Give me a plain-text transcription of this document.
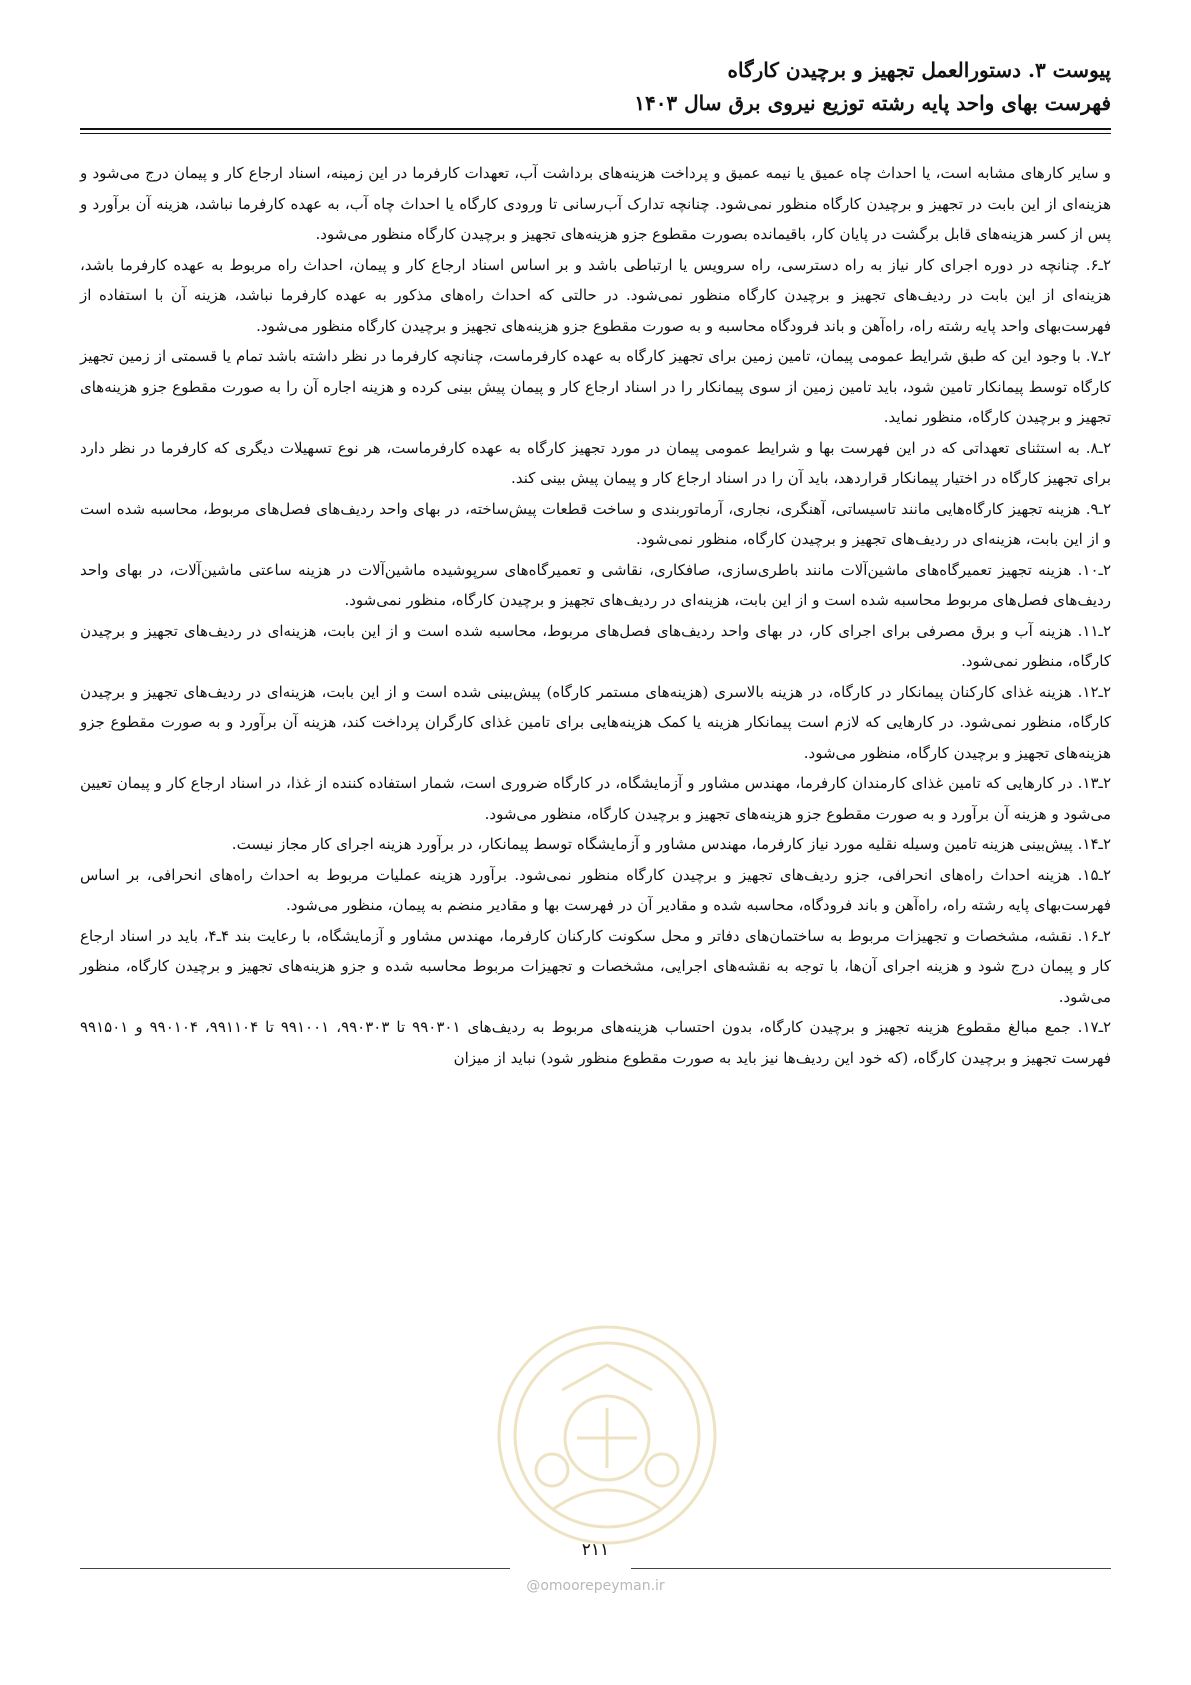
پیوست ۳. دستورالعمل تجهیز و برچیدن کارگاه
فهرست بهای واحد پایه رشته توزیع نیروی برق سال ۱۴۰۳

و سایر کارهای مشابه است، یا احداث چاه عمیق یا نیمه عمیق و پرداخت هزینه‌های برداشت آب، تعهدات کارفرما در این زمینه، اسناد ارجاع کار و پیمان درج می‌شود و هزینه‌ای از این بابت در تجهیز و برچیدن کارگاه منظور نمی‌شود. چنانچه تدارک آب‌رسانی تا ورودی کارگاه یا احداث چاه آب، به عهده کارفرما نباشد، هزینه آن برآورد و پس از کسر هزینه‌های قابل برگشت در پایان کار، باقیمانده بصورت مقطوع جزو هزینه‌های تجهیز و برچیدن کارگاه منظور می‌شود.

۲ـ۶. چنانچه در دوره اجرای کار نیاز به راه دسترسی، راه سرویس یا ارتباطی باشد و بر اساس اسناد ارجاع کار و پیمان، احداث راه مربوط به عهده کارفرما باشد، هزینه‌ای از این بابت در ردیف‌های تجهیز و برچیدن کارگاه منظور نمی‌شود. در حالتی که احداث راه‌های مذکور به عهده کارفرما نباشد، هزینه آن با استفاده از فهرست‌بهای واحد پایه رشته راه، راه‌آهن و باند فرودگاه محاسبه و به صورت مقطوع جزو هزینه‌های تجهیز و برچیدن کارگاه منظور می‌شود.

۲ـ۷. با وجود این که طبق شرایط عمومی پیمان، تامین زمین برای تجهیز کارگاه به عهده کارفرماست، چنانچه کارفرما در نظر داشته باشد تمام یا قسمتی از زمین تجهیز کارگاه توسط پیمانکار تامین شود، باید تامین زمین از سوی پیمانکار را در اسناد ارجاع کار و پیمان پیش بینی کرده و هزینه اجاره آن را به صورت مقطوع جزو هزینه‌های تجهیز و برچیدن کارگاه، منظور نماید.

۲ـ۸. به استثنای تعهداتی که در این فهرست بها و شرایط عمومی پیمان در مورد تجهیز کارگاه به عهده کارفرماست، هر نوع تسهیلات دیگری که کارفرما در نظر دارد برای تجهیز کارگاه در اختیار پیمانکار قراردهد، باید آن را در اسناد ارجاع کار و پیمان پیش بینی کند.

۲ـ۹. هزینه تجهیز کارگاه‌هایی مانند تاسیساتی، آهنگری، نجاری، آرماتوربندی و ساخت قطعات پیش‌ساخته، در بهای واحد ردیف‌های فصل‌های مربوط، محاسبه شده است و از این بابت، هزینه‌ای در ردیف‌های تجهیز و برچیدن کارگاه، منظور نمی‌شود.

۲ـ۱۰. هزینه تجهیز تعمیرگاه‌های ماشین‌آلات مانند باطری‌سازی، صافکاری، نقاشی و تعمیرگاه‌های سرپوشیده ماشین‌آلات در هزینه ساعتی ماشین‌آلات، در بهای واحد ردیف‌های فصل‌های مربوط محاسبه شده است و از این بابت، هزینه‌ای در ردیف‌های تجهیز و برچیدن کارگاه، منظور نمی‌شود.

۲ـ۱۱. هزینه آب و برق مصرفی برای اجرای کار، در بهای واحد ردیف‌های فصل‌های مربوط، محاسبه شده است و از این بابت، هزینه‌ای در ردیف‌های تجهیز و برچیدن کارگاه، منظور نمی‌شود.

۲ـ۱۲. هزینه غذای کارکنان پیمانکار در کارگاه، در هزینه بالاسری (هزینه‌های مستمر کارگاه) پیش‌بینی شده است و از این بابت، هزینه‌ای در ردیف‌های تجهیز و برچیدن کارگاه، منظور نمی‌شود. در کارهایی که لازم است پیمانکار هزینه یا کمک هزینه‌هایی برای تامین غذای کارگران پرداخت کند، هزینه آن برآورد و به صورت مقطوع جزو هزینه‌های تجهیز و برچیدن کارگاه، منظور می‌شود.

۲ـ۱۳. در کارهایی که تامین غذای کارمندان کارفرما، مهندس مشاور و آزمایشگاه، در کارگاه ضروری است، شمار استفاده کننده از غذا، در اسناد ارجاع کار و پیمان تعیین می‌شود و هزینه آن برآورد و به صورت مقطوع جزو هزینه‌های تجهیز و برچیدن کارگاه، منظور می‌شود.

۲ـ۱۴. پیش‌بینی هزینه تامین وسیله نقلیه مورد نیاز کارفرما، مهندس مشاور و آزمایشگاه توسط پیمانکار، در برآورد هزینه اجرای کار مجاز نیست.

۲ـ۱۵. هزینه احداث راه‌های انحرافی، جزو ردیف‌های تجهیز و برچیدن کارگاه منظور نمی‌شود. برآورد هزینه عملیات مربوط به احداث راه‌های انحرافی، بر اساس فهرست‌بهای پایه رشته راه، راه‌آهن و باند فرودگاه، محاسبه شده و مقادیر آن در فهرست بها و مقادیر منضم به پیمان، منظور می‌شود.

۲ـ۱۶. نقشه، مشخصات و تجهیزات مربوط به ساختمان‌های دفاتر و محل سکونت کارکنان کارفرما، مهندس مشاور و آزمایشگاه، با رعایت بند ۴ـ۴، باید در اسناد ارجاع کار و پیمان درج شود و هزینه اجرای آن‌ها، با توجه به نقشه‌های اجرایی، مشخصات و تجهیزات مربوط محاسبه شده و جزو هزینه‌های تجهیز و برچیدن کارگاه، منظور می‌شود.

۲ـ۱۷. جمع مبالغ مقطوع هزینه تجهیز و برچیدن کارگاه، بدون احتساب هزینه‌های مربوط به ردیف‌های ۹۹۰۳۰۱ تا ۹۹۰۳۰۳، ۹۹۱۰۰۱ تا ۹۹۱۱۰۴، ۹۹۰۱۰۴ و ۹۹۱۵۰۱ فهرست تجهیز و برچیدن کارگاه، (که خود این ردیف‌ها نیز باید به صورت مقطوع منظور شود) نباید از میزان

۲۱۱
@omoorepeyman.ir
